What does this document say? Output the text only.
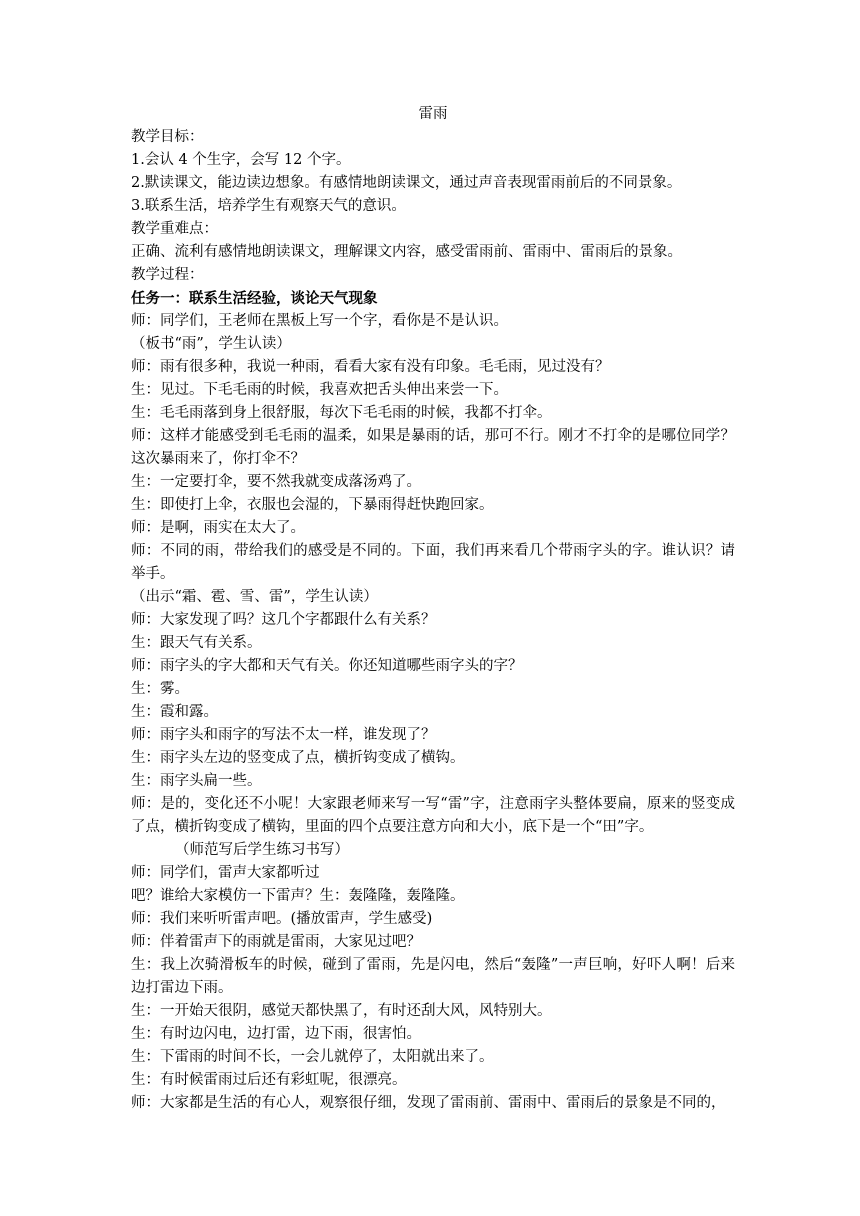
雷雨
教学目标：
1.会认 4 个生字，会写 12 个字。
2.默读课文，能边读边想象。有感情地朗读课文，通过声音表现雷雨前后的不同景象。
3.联系生活，培养学生有观察天气的意识。
教学重难点：
正确、流利有感情地朗读课文，理解课文内容，感受雷雨前、雷雨中、雷雨后的景象。
教学过程：
任务一：联系生活经验，谈论天气现象
师：同学们，王老师在黑板上写一个字，看你是不是认识。
（板书“雨”，学生认读）
师：雨有很多种，我说一种雨，看看大家有没有印象。毛毛雨，见过没有？
生：见过。下毛毛雨的时候，我喜欢把舌头伸出来尝一下。
生：毛毛雨落到身上很舒服，每次下毛毛雨的时候，我都不打伞。
师：这样才能感受到毛毛雨的温柔，如果是暴雨的话，那可不行。刚才不打伞的是哪位同学？这次暴雨来了，你打伞不？
生：一定要打伞，要不然我就变成落汤鸡了。
生：即使打上伞，衣服也会湿的，下暴雨得赶快跑回家。
师：是啊，雨实在太大了。
师：不同的雨，带给我们的感受是不同的。下面，我们再来看几个带雨字头的字。谁认识？请举手。
（出示“霜、雹、雪、雷”，学生认读）
师：大家发现了吗？这几个字都跟什么有关系？
生：跟天气有关系。
师：雨字头的字大都和天气有关。你还知道哪些雨字头的字？
生：雾。
生：霞和露。
师：雨字头和雨字的写法不太一样，谁发现了？
生：雨字头左边的竖变成了点，横折钩变成了横钩。
生：雨字头扁一些。
师：是的，变化还不小呢！大家跟老师来写一写“雷”字，注意雨字头整体要扁，原来的竖变成了点，横折钩变成了横钩，里面的四个点要注意方向和大小，底下是一个“田”字。
（师范写后学生练习书写）
师：同学们，雷声大家都听过
吧？谁给大家模仿一下雷声？生：轰隆隆，轰隆隆。
师：我们来听听雷声吧。(播放雷声，学生感受)
师：伴着雷声下的雨就是雷雨，大家见过吧？
生：我上次骑滑板车的时候，碰到了雷雨，先是闪电，然后“轰隆”一声巨响，好吓人啊！后来边打雷边下雨。
生：一开始天很阴，感觉天都快黑了，有时还刮大风，风特别大。
生：有时边闪电，边打雷，边下雨，很害怕。
生：下雷雨的时间不长，一会儿就停了，太阳就出来了。
生：有时候雷雨过后还有彩虹呢，很漂亮。
师：大家都是生活的有心人，观察很仔细，发现了雷雨前、雷雨中、雷雨后的景象是不同的，
